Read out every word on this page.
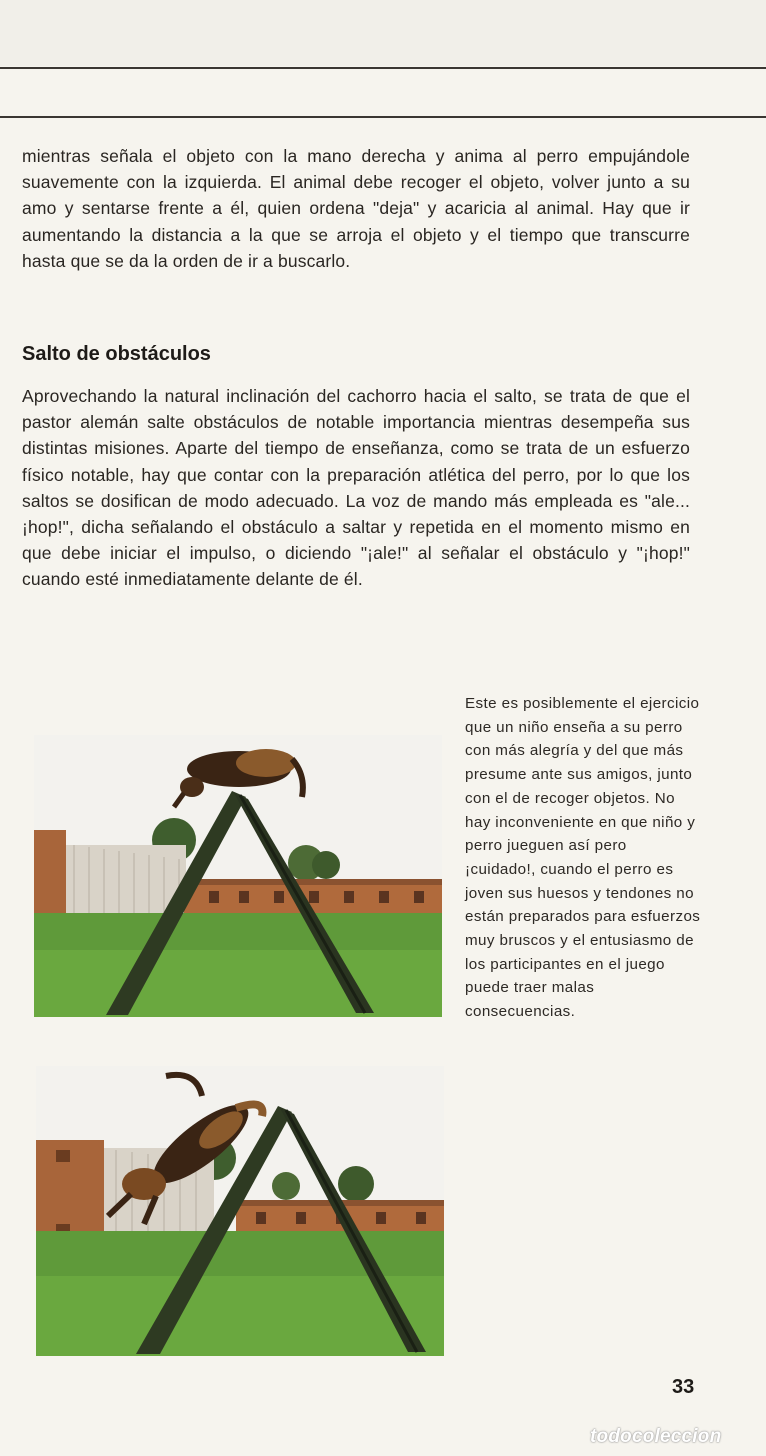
mientras señala el objeto con la mano derecha y anima al perro empujándole suavemente con la izquierda. El animal debe recoger el objeto, volver junto a su amo y sentarse frente a él, quien ordena "deja" y acaricia al animal. Hay que ir aumentando la distancia a la que se arroja el objeto y el tiempo que transcurre hasta que se da la orden de ir a buscarlo.

Salto de obstáculos

Aprovechando la natural inclinación del cachorro hacia el salto, se trata de que el pastor alemán salte obstáculos de notable importancia mientras desempeña sus distintas misiones. Aparte del tiempo de enseñanza, como se trata de un esfuerzo físico notable, hay que contar con la preparación atlética del perro, por lo que los saltos se dosifican de modo adecuado. La voz de mando más empleada es "ale... ¡hop!", dicha señalando el obstáculo a saltar y repetida en el momento mismo en que debe iniciar el impulso, o diciendo "¡ale!" al señalar el obstáculo y "¡hop!" cuando esté inmediatamente delante de él.

Este es posiblemente el ejercicio que un niño enseña a su perro con más alegría y del que más presume ante sus amigos, junto con el de recoger objetos. No hay inconveniente en que niño y perro jueguen así pero ¡cuidado!, cuando el perro es joven sus huesos y tendones no están preparados para esfuerzos muy bruscos y el entusiasmo de los participantes en el juego puede traer malas consecuencias.

33
todocoleccion
